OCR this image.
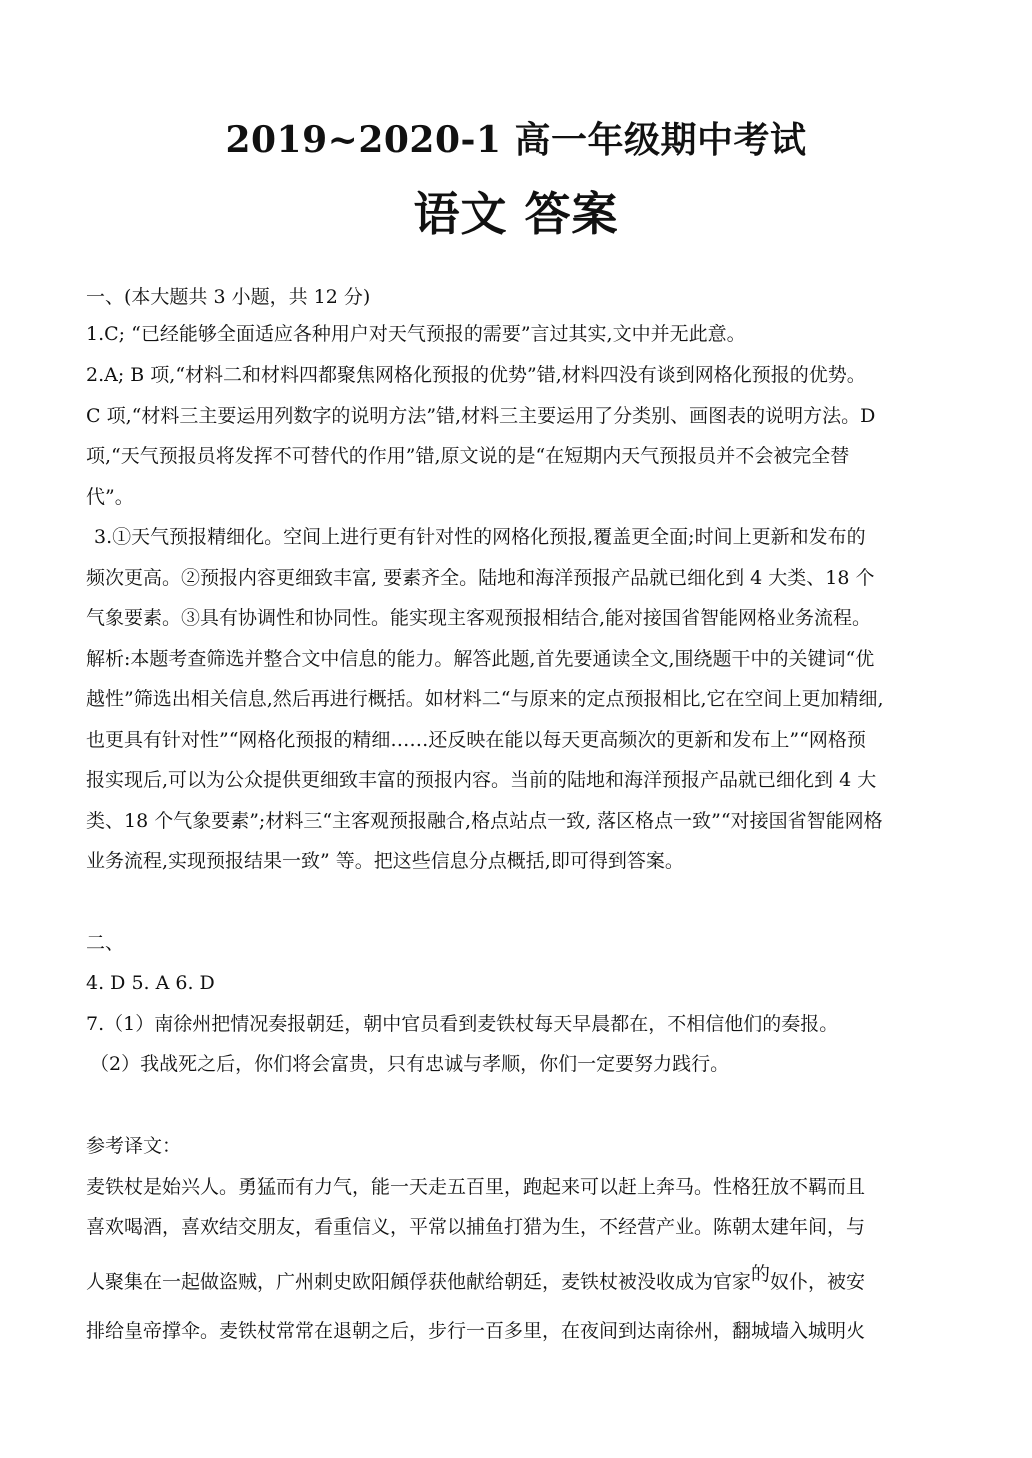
2019~2020-1 高一年级期中考试
语文 答案
一、(本大题共 3 小题，共 12 分)
1.C; “已经能够全面适应各种用户对天气预报的需要”言过其实,文中并无此意。
2.A; B 项,“材料二和材料四都聚焦网格化预报的优势”错,材料四没有谈到网格化预报的优势。
C 项,“材料三主要运用列数字的说明方法”错,材料三主要运用了分类别、画图表的说明方法。D
项,“天气预报员将发挥不可替代的作用”错,原文说的是“在短期内天气预报员并不会被完全替
代”。
3.①天气预报精细化。空间上进行更有针对性的网格化预报,覆盖更全面;时间上更新和发布的
频次更高。②预报内容更细致丰富, 要素齐全。陆地和海洋预报产品就已细化到 4 大类、18 个
气象要素。③具有协调性和协同性。能实现主客观预报相结合,能对接国省智能网格业务流程。
解析:本题考查筛选并整合文中信息的能力。解答此题,首先要通读全文,围绕题干中的关键词“优
越性”筛选出相关信息,然后再进行概括。如材料二“与原来的定点预报相比,它在空间上更加精细,
也更具有针对性”“网格化预报的精细……还反映在能以每天更高频次的更新和发布上”“网格预
报实现后,可以为公众提供更细致丰富的预报内容。当前的陆地和海洋预报产品就已细化到 4 大
类、18 个气象要素”;材料三“主客观预报融合,格点站点一致, 落区格点一致”“对接国省智能网格
业务流程,实现预报结果一致” 等。把这些信息分点概括,即可得到答案。
二、
4. D 5. A 6. D
7.（1）南徐州把情况奏报朝廷，朝中官员看到麦铁杖每天早晨都在，不相信他们的奏报。
（2）我战死之后，你们将会富贵，只有忠诚与孝顺，你们一定要努力践行。
参考译文：
麦铁杖是始兴人。勇猛而有力气，能一天走五百里，跑起来可以赶上奔马。性格狂放不羁而且
喜欢喝酒，喜欢结交朋友，看重信义，平常以捕鱼打猎为生，不经营产业。陈朝太建年间，与
人聚集在一起做盗贼，广州刺史欧阳頠俘获他献给朝廷，麦铁杖被没收成为官家的奴仆，被安
排给皇帝撑伞。麦铁杖常常在退朝之后，步行一百多里，在夜间到达南徐州，翻城墙入城明火
